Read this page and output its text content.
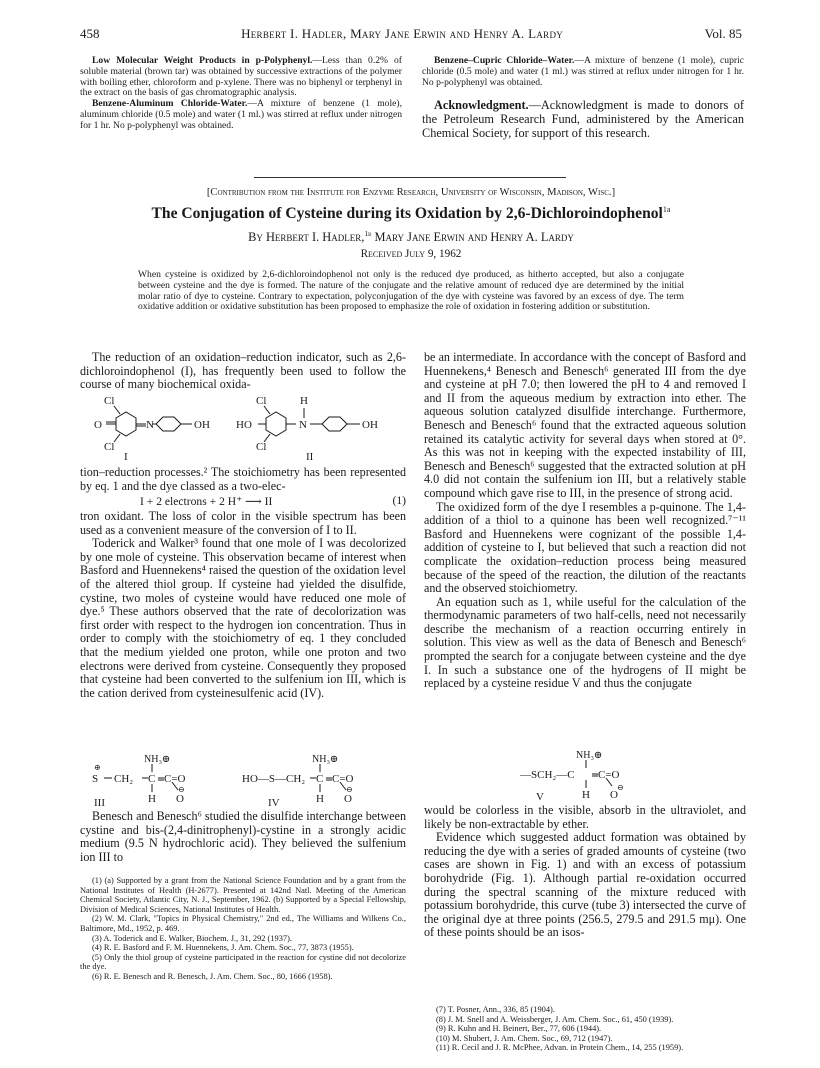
458	Herbert I. Hadler, Mary Jane Erwin and Henry A. Lardy	Vol. 85

Low Molecular Weight Products in p-Polyphenyl.—Less than 0.2% of soluble material (brown tar) was obtained by successive extractions of the polymer with boiling ether, chloroform and p-xylene. There was no biphenyl or terphenyl in the extract on the basis of gas chromatographic analysis.

Benzene-Aluminum Chloride-Water.—A mixture of benzene (1 mole), aluminum chloride (0.5 mole) and water (1 ml.) was stirred at reflux under nitrogen for 1 hr. No p-polyphenyl was obtained.

Benzene–Cupric Chloride–Water.—A mixture of benzene (1 mole), cupric chloride (0.5 mole) and water (1 ml.) was stirred at reflux under nitrogen for 1 hr. No p-polyphenyl was obtained.

Acknowledgment.—Acknowledgment is made to donors of the Petroleum Research Fund, administered by the American Chemical Society, for support of this research.

[Contribution from the Institute for Enzyme Research, University of Wisconsin, Madison, Wisc.]
The Conjugation of Cysteine during its Oxidation by 2,6-Dichloroindophenol$^{1a}$
By Herbert I. Hadler,$^{1b}$ Mary Jane Erwin and Henry A. Lardy
Received July 9, 1962
When cysteine is oxidized by 2,6-dichloroindophenol not only is the reduced dye produced, as hitherto accepted, but also a conjugate between cysteine and the dye is formed. The nature of the conjugate and the relative amount of reduced dye are determined by the initial molar ratio of dye to cysteine. Contrary to expectation, polyconjugation of the dye with cysteine was favored by an excess of dye. The term oxidative addition or oxidative substitution has been proposed to emphasize the role of oxidation in fostering addition or substitution.

The reduction of an oxidation–reduction indicator, such as 2,6-dichloroindophenol (I), has frequently been used to follow the course of many biochemical oxida-

Cl
O	N	OH
Cl
I
Cl	H
HO	N	OH
Cl
II

tion–reduction processes.² The stoichiometry has been represented by eq. 1 and the dye classed as a two-elec-

I + 2 electrons + 2 H⁺ ⟶ II	(1)

tron oxidant. The loss of color in the visible spectrum has been used as a convenient measure of the conversion of I to II.

Toderick and Walker³ found that one mole of I was decolorized by one mole of cysteine. This observation became of interest when Basford and Huennekens⁴ raised the question of the oxidation level of the altered thiol group. If cysteine had yielded the disulfide, cystine, two moles of cysteine would have reduced one mole of dye.⁵ These authors observed that the rate of decolorization was first order with respect to the hydrogen ion concentration. Thus in order to comply with the stoichiometry of eq. 1 they concluded that the medium yielded one proton, while one proton and two electrons were derived from cysteine. Consequently they proposed that cysteine had been converted to the sulfenium ion III, which is the cation derived from cysteinesulfenic acid (IV).

S
⊕
CH₂ C C=O
NH₃⊕
H O
⊖
III
HO—S—CH₂ C C=O
NH₃⊕
H O
⊖
IV

Benesch and Benesch⁶ studied the disulfide interchange between cystine and bis-(2,4-dinitrophenyl)-cystine in a strongly acidic medium (9.5 N hydrochloric acid). They believed the sulfenium ion III to

(1) (a) Supported by a grant from the National Science Foundation and by a grant from the National Institutes of Health (H-2677). Presented at 142nd Natl. Meeting of the American Chemical Society, Atlantic City, N. J., September, 1962. (b) Supported by a Special Fellowship, Division of Medical Sciences, National Institutes of Health.

(2) W. M. Clark, "Topics in Physical Chemistry," 2nd ed., The Williams and Wilkens Co., Baltimore, Md., 1952, p. 469.

(3) A. Toderick and E. Walker, Biochem. J., 31, 292 (1937).

(4) R. E. Basford and F. M. Huennekens, J. Am. Chem. Soc., 77, 3873 (1955).

(5) Only the thiol group of cysteine participated in the reaction for cystine did not decolorize the dye.

(6) R. E. Benesch and R. Benesch, J. Am. Chem. Soc., 80, 1666 (1958).

be an intermediate. In accordance with the concept of Basford and Huennekens,⁴ Benesch and Benesch⁶ generated III from the dye and cysteine at pH 7.0; then lowered the pH to 4 and removed I and II from the aqueous medium by extraction into ether. The aqueous solution catalyzed disulfide interchange. Furthermore, Benesch and Benesch⁶ found that the extracted aqueous solution retained its catalytic activity for several days when stored at 0°. As this was not in keeping with the expected instability of III, Benesch and Benesch⁶ suggested that the extracted solution at pH 4.0 did not contain the sulfenium ion III, but a relatively stable compound which gave rise to III, in the presence of strong acid.

The oxidized form of the dye I resembles a p-quinone. The 1,4-addition of a thiol to a quinone has been well recognized.⁷⁻¹¹ Basford and Huennekens were cognizant of the possible 1,4-addition of cysteine to I, but believed that such a reaction did not complicate the oxidation–reduction process being measured because of the speed of the reaction, the dilution of the reactants and the observed stoichiometry.

An equation such as 1, while useful for the calculation of the thermodynamic parameters of two half-cells, need not necessarily describe the mechanism of a reaction occurring entirely in solution. This view as well as the data of Benesch and Benesch⁶ prompted the search for a conjugate between cysteine and the dye I. In such a substance one of the hydrogens of II might be replaced by a cysteine residue V and thus the conjugate

NH₃⊕
—SCH₂—C C=O
H O
⊖
V

would be colorless in the visible, absorb in the ultraviolet, and likely be non-extractable by ether.

Evidence which suggested adduct formation was obtained by reducing the dye with a series of graded amounts of cysteine (two cases are shown in Fig. 1) and with an excess of potassium borohydride (Fig. 1). Although partial re-oxidation occurred during the spectral scanning of the mixture reduced with potassium borohydride, this curve (tube 3) intersected the curve of the original dye at three points (256.5, 279.5 and 291.5 mμ). One of these points should be an isos-

(7) T. Posner, Ann., 336, 85 (1904).

(8) J. M. Snell and A. Weissberger, J. Am. Chem. Soc., 61, 450 (1939).

(9) R. Kuhn and H. Beinert, Ber., 77, 606 (1944).

(10) M. Shubert, J. Am. Chem. Soc., 69, 712 (1947).

(11) R. Cecil and J. R. McPhee, Advan. in Protein Chem., 14, 255 (1959).
